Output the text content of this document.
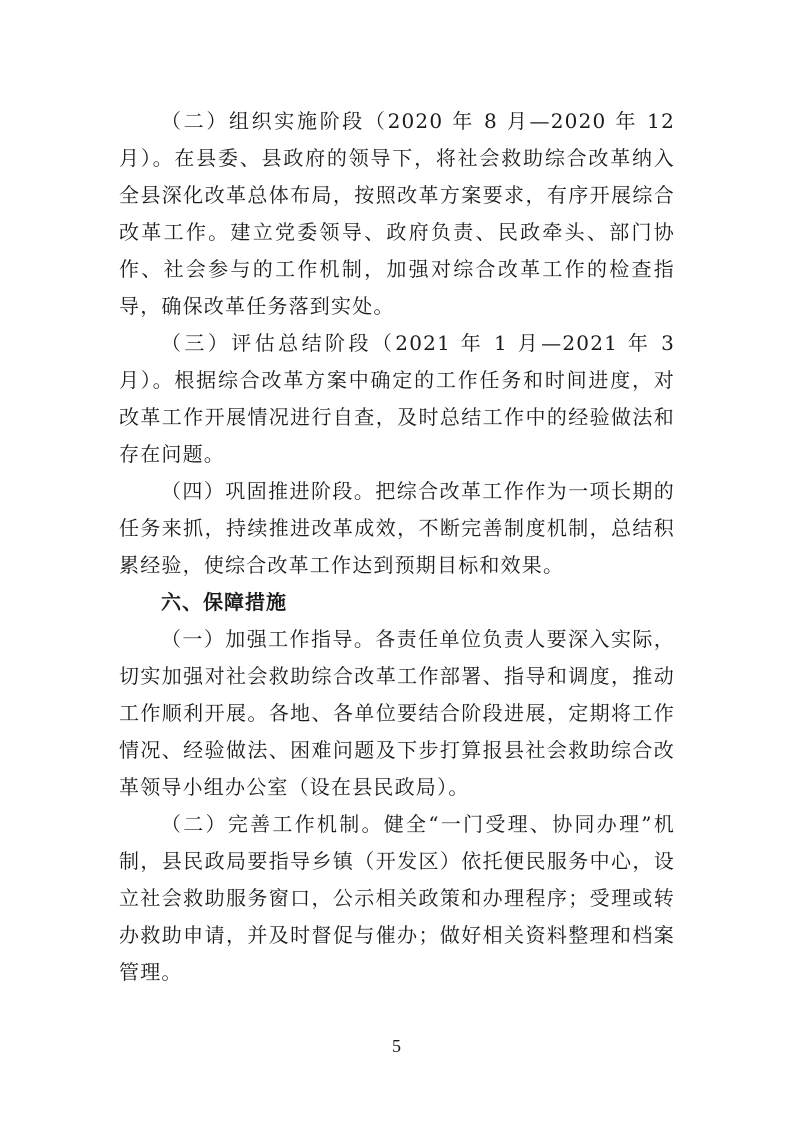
（二）组织实施阶段（2020 年 8 月—2020 年 12 月）。在县委、县政府的领导下，将社会救助综合改革纳入全县深化改革总体布局，按照改革方案要求，有序开展综合改革工作。建立党委领导、政府负责、民政牵头、部门协作、社会参与的工作机制，加强对综合改革工作的检查指导，确保改革任务落到实处。

（三）评估总结阶段（2021 年 1 月—2021 年 3 月）。根据综合改革方案中确定的工作任务和时间进度，对改革工作开展情况进行自查，及时总结工作中的经验做法和存在问题。

（四）巩固推进阶段。把综合改革工作作为一项长期的任务来抓，持续推进改革成效，不断完善制度机制，总结积累经验，使综合改革工作达到预期目标和效果。

六、保障措施

（一）加强工作指导。各责任单位负责人要深入实际，切实加强对社会救助综合改革工作部署、指导和调度，推动工作顺利开展。各地、各单位要结合阶段进展，定期将工作情况、经验做法、困难问题及下步打算报县社会救助综合改革领导小组办公室（设在县民政局）。

（二）完善工作机制。健全“一门受理、协同办理”机制，县民政局要指导乡镇（开发区）依托便民服务中心，设立社会救助服务窗口，公示相关政策和办理程序；受理或转办救助申请，并及时督促与催办；做好相关资料整理和档案管理。

5
